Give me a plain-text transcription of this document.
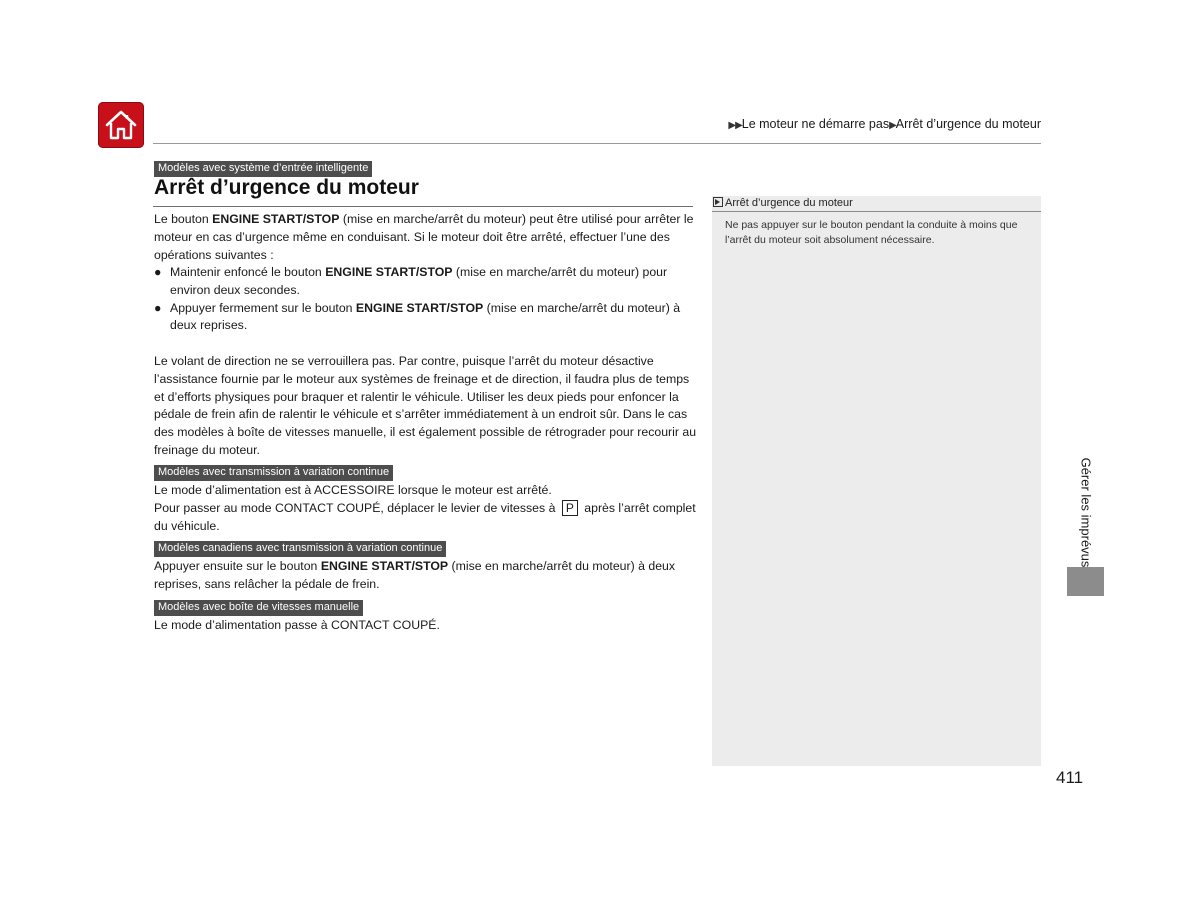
▶▶Le moteur ne démarre pas▶Arrêt d’urgence du moteur
Modèles avec système d’entrée intelligente
Arrêt d’urgence du moteur

Le bouton ENGINE START/STOP (mise en marche/arrêt du moteur) peut être utilisé pour arrêter le moteur en cas d’urgence même en conduisant. Si le moteur doit être arrêté, effectuer l’une des opérations suivantes :

● Maintenir enfoncé le bouton ENGINE START/STOP (mise en marche/arrêt du moteur) pour environ deux secondes.
● Appuyer fermement sur le bouton ENGINE START/STOP (mise en marche/arrêt du moteur) à deux reprises.

Le volant de direction ne se verrouillera pas. Par contre, puisque l’arrêt du moteur désactive l’assistance fournie par le moteur aux systèmes de freinage et de direction, il faudra plus de temps et d’efforts physiques pour braquer et ralentir le véhicule. Utiliser les deux pieds pour enfoncer la pédale de frein afin de ralentir le véhicule et s’arrêter immédiatement à un endroit sûr. Dans le cas des modèles à boîte de vitesses manuelle, il est également possible de rétrograder pour recourir au freinage du moteur.

Modèles avec transmission à variation continue

Le mode d’alimentation est à ACCESSOIRE lorsque le moteur est arrêté.
Pour passer au mode CONTACT COUPÉ, déplacer le levier de vitesses à P après l’arrêt complet du véhicule.

Modèles canadiens avec transmission à variation continue

Appuyer ensuite sur le bouton ENGINE START/STOP (mise en marche/arrêt du moteur) à deux reprises, sans relâcher la pédale de frein.

Modèles avec boîte de vitesses manuelle

Le mode d’alimentation passe à CONTACT COUPÉ.

Arrêt d’urgence du moteur
Ne pas appuyer sur le bouton pendant la conduite à moins que l’arrêt du moteur soit absolument nécessaire.
Gérer les imprévus
411
